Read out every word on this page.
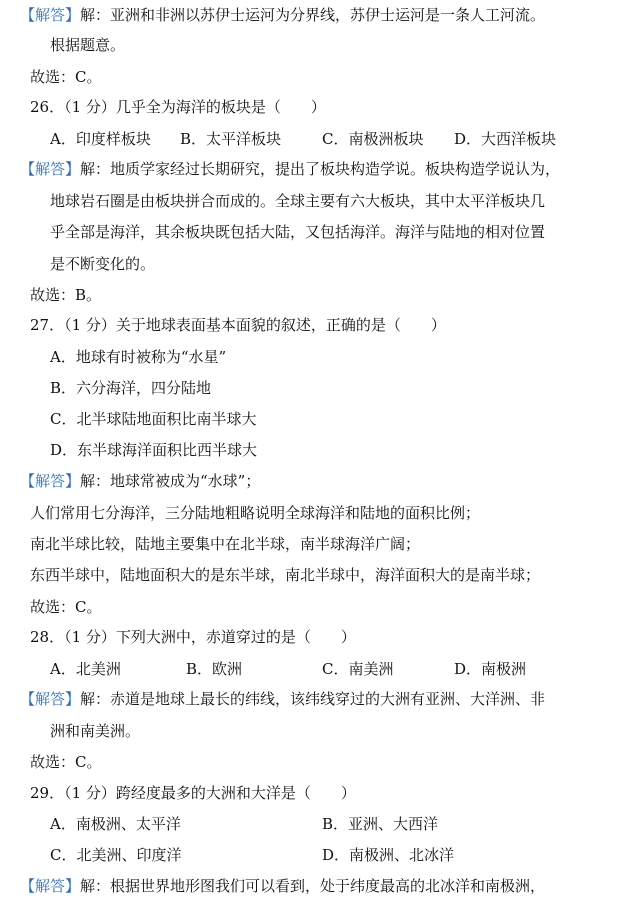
【解答】解：亚洲和非洲以苏伊士运河为分界线，苏伊士运河是一条人工河流。
根据题意。
故选：C。
26．（1 分）几乎全为海洋的板块是（　　）
A．印度样板块 B．太平洋板块	C．南极洲板块 D．大西洋板块
【解答】解：地质学家经过长期研究，提出了板块构造学说。板块构造学说认为，
地球岩石圈是由板块拼合而成的。全球主要有六大板块，其中太平洋板块几
乎全部是海洋，其余板块既包括大陆，又包括海洋。海洋与陆地的相对位置
是不断变化的。
故选：B。
27．（1 分）关于地球表面基本面貌的叙述，正确的是（　　）
A．地球有时被称为“水星”
B．六分海洋，四分陆地
C．北半球陆地面积比南半球大
D．东半球海洋面积比西半球大
【解答】解：地球常被成为“水球”；
人们常用七分海洋，三分陆地粗略说明全球海洋和陆地的面积比例；
南北半球比较，陆地主要集中在北半球，南半球海洋广阔；
东西半球中，陆地面积大的是东半球，南北半球中，海洋面积大的是南半球；
故选：C。
28．（1 分）下列大洲中，赤道穿过的是（　　）
A．北美洲	B．欧洲	C．南美洲	D．南极洲
【解答】解：赤道是地球上最长的纬线，该纬线穿过的大洲有亚洲、大洋洲、非
洲和南美洲。
故选：C。
29．（1 分）跨经度最多的大洲和大洋是（　　）
A．南极洲、太平洋	B．亚洲、大西洋
C．北美洲、印度洋	D．南极洲、北冰洋
【解答】解：根据世界地形图我们可以看到，处于纬度最高的北冰洋和南极洲，
